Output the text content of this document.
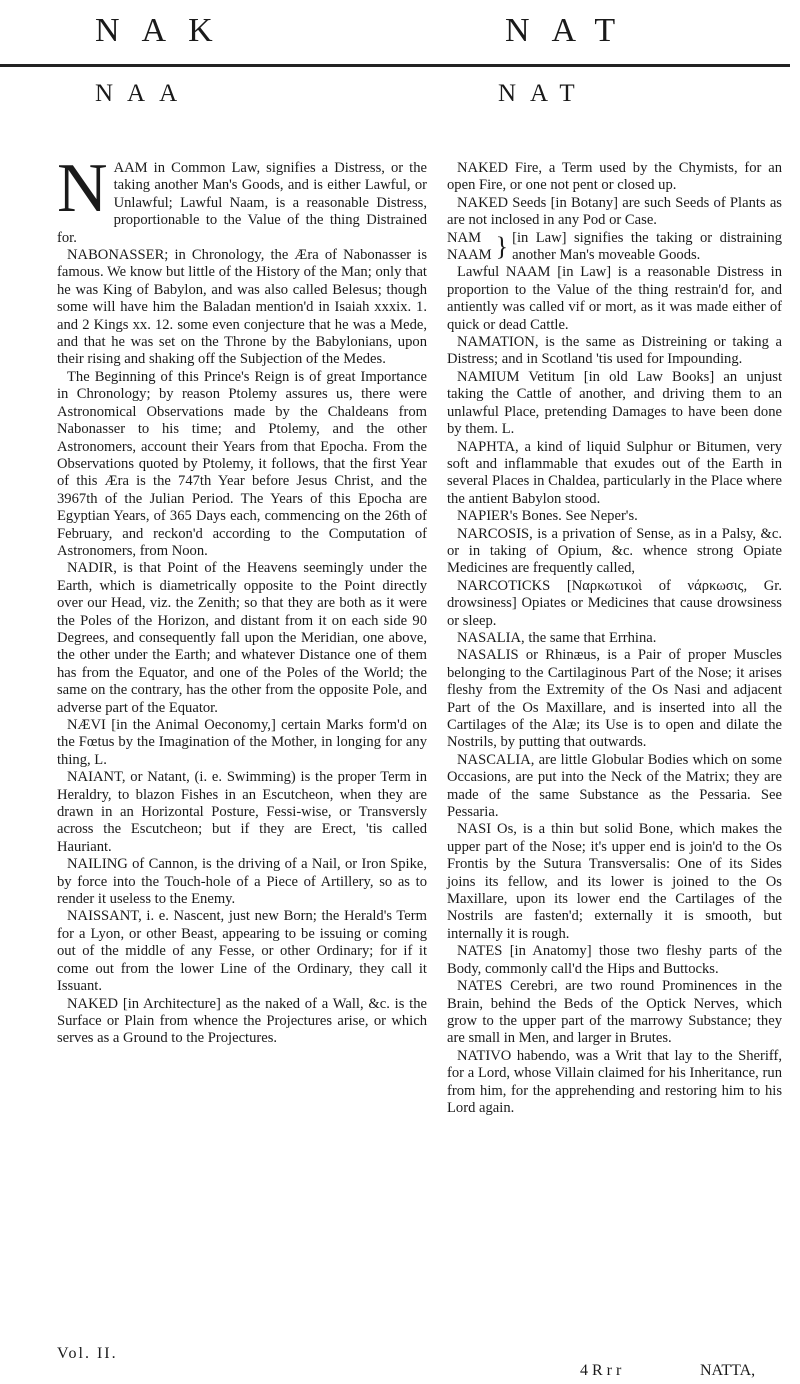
NAK	NAT
NAA	NAT

NAAM in Common Law, signifies a Distress, or the taking another Man's Goods, and is either Lawful, or Unlawful; Lawful Naam, is a reasonable Distress, proportionable to the Value of the thing Distrained for.

NABONASSER; in Chronology, the Æra of Nabonasser is famous. We know but little of the History of the Man; only that he was King of Babylon, and was also called Belesus; though some will have him the Baladan mention'd in Isaiah xxxix. 1. and 2 Kings xx. 12. some even conjecture that he was a Mede, and that he was set on the Throne by the Babylonians, upon their rising and shaking off the Subjection of the Medes.

The Beginning of this Prince's Reign is of great Importance in Chronology; by reason Ptolemy assures us, there were Astronomical Observations made by the Chaldeans from Nabonasser to his time; and Ptolemy, and the other Astronomers, account their Years from that Epocha. From the Observations quoted by Ptolemy, it follows, that the first Year of this Æra is the 747th Year before Jesus Christ, and the 3967th of the Julian Period. The Years of this Epocha are Egyptian Years, of 365 Days each, commencing on the 26th of February, and reckon'd according to the Computation of Astronomers, from Noon.

NADIR, is that Point of the Heavens seemingly under the Earth, which is diametrically opposite to the Point directly over our Head, viz. the Zenith; so that they are both as it were the Poles of the Horizon, and distant from it on each side 90 Degrees, and consequently fall upon the Meridian, one above, the other under the Earth; and whatever Distance one of them has from the Equator, and one of the Poles of the World; the same on the contrary, has the other from the opposite Pole, and adverse part of the Equator.

NÆVI [in the Animal Oeconomy,] certain Marks form'd on the Fœtus by the Imagination of the Mother, in longing for any thing, L.

NAIANT, or Natant, (i. e. Swimming) is the proper Term in Heraldry, to blazon Fishes in an Escutcheon, when they are drawn in an Horizontal Posture, Fessi-wise, or Transversly across the Escutcheon; but if they are Erect, 'tis called Hauriant.

NAILING of Cannon, is the driving of a Nail, or Iron Spike, by force into the Touch-hole of a Piece of Artillery, so as to render it useless to the Enemy.

NAISSANT, i. e. Nascent, just new Born; the Herald's Term for a Lyon, or other Beast, appearing to be issuing or coming out of the middle of any Fesse, or other Ordinary; for if it come out from the lower Line of the Ordinary, they call it Issuant.

NAKED [in Architecture] as the naked of a Wall, &c. is the Surface or Plain from whence the Projectures arise, or which serves as a Ground to the Projectures.

NAKED Fire, a Term used by the Chymists, for an open Fire, or one not pent or closed up.

NAKED Seeds [in Botany] are such Seeds of Plants as are not inclosed in any Pod or Case.

NAM
NAAM } [in Law] signifies the taking or distraining another Man's moveable Goods.

Lawful NAAM [in Law] is a reasonable Distress in proportion to the Value of the thing restrain'd for, and antiently was called vif or mort, as it was made either of quick or dead Cattle.

NAMATION, is the same as Distreining or taking a Distress; and in Scotland 'tis used for Impounding.

NAMIUM Vetitum [in old Law Books] an unjust taking the Cattle of another, and driving them to an unlawful Place, pretending Damages to have been done by them. L.

NAPHTA, a kind of liquid Sulphur or Bitumen, very soft and inflammable that exudes out of the Earth in several Places in Chaldea, particularly in the Place where the antient Babylon stood.

NAPIER's Bones. See Neper's.

NARCOSIS, is a privation of Sense, as in a Palsy, &c. or in taking of Opium, &c. whence strong Opiate Medicines are frequently called,

NARCOTICKS [Ναρκωτικοὶ of νάρκωσις, Gr. drowsiness] Opiates or Medicines that cause drowsiness or sleep.

NASALIA, the same that Errhina.

NASALIS or Rhinæus, is a Pair of proper Muscles belonging to the Cartilaginous Part of the Nose; it arises fleshy from the Extremity of the Os Nasi and adjacent Part of the Os Maxillare, and is inserted into all the Cartilages of the Alæ; its Use is to open and dilate the Nostrils, by putting that outwards.

NASCALIA, are little Globular Bodies which on some Occasions, are put into the Neck of the Matrix; they are made of the same Substance as the Pessaria. See Pessaria.

NASI Os, is a thin but solid Bone, which makes the upper part of the Nose; it's upper end is join'd to the Os Frontis by the Sutura Transversalis: One of its Sides joins its fellow, and its lower is joined to the Os Maxillare, upon its lower end the Cartilages of the Nostrils are fasten'd; externally it is smooth, but internally it is rough.

NATES [in Anatomy] those two fleshy parts of the Body, commonly call'd the Hips and Buttocks.

NATES Cerebri, are two round Prominences in the Brain, behind the Beds of the Optick Nerves, which grow to the upper part of the marrowy Substance; they are small in Men, and larger in Brutes.

NATIVO habendo, was a Writ that lay to the Sheriff, for a Lord, whose Villain claimed for his Inheritance, run from him, for the apprehending and restoring him to his Lord again.

Vol. II.
4 R r r	NATTA,
